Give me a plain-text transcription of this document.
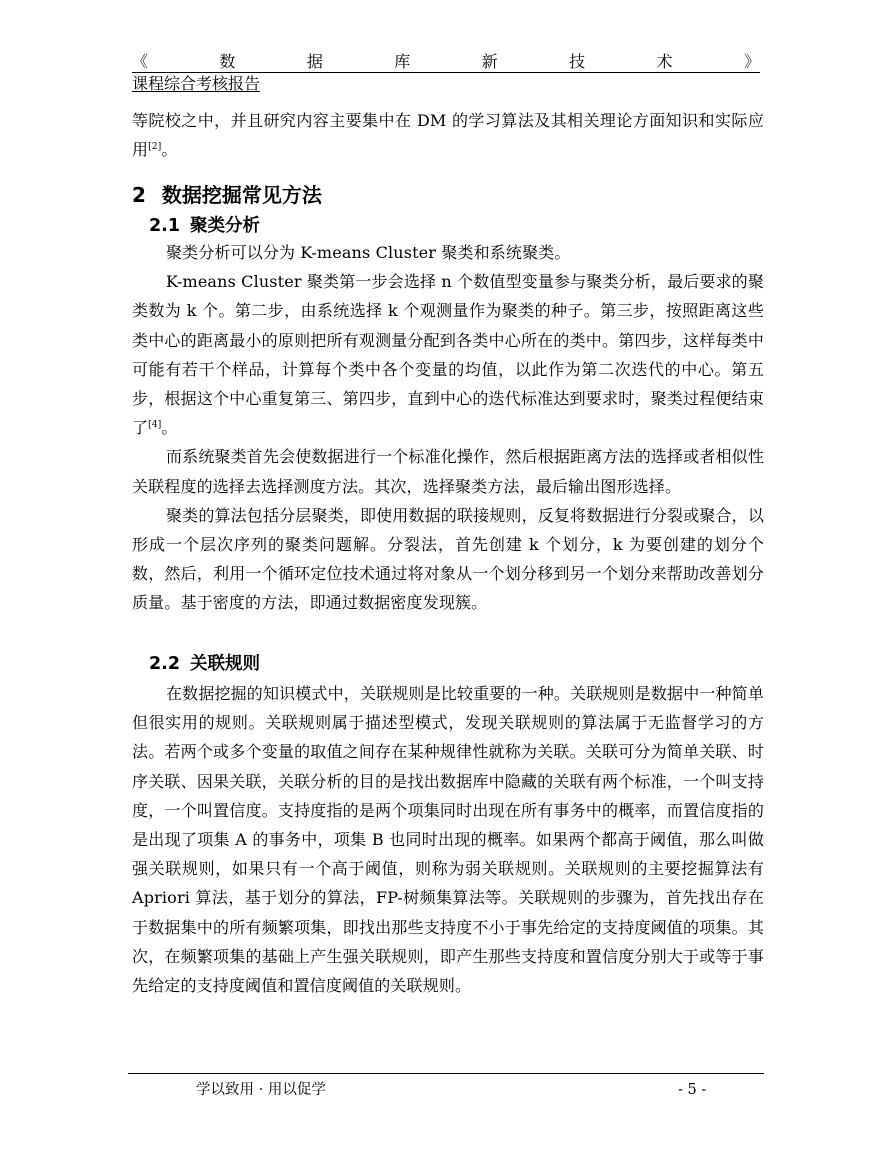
《	数	据	库	新	技	术	》
课程综合考核报告

等院校之中，并且研究内容主要集中在 DM 的学习算法及其相关理论方面知识和实际应用[2]。

2 数据挖掘常见方法
2.1 聚类分析

聚类分析可以分为 K-means Cluster 聚类和系统聚类。

K-means Cluster 聚类第一步会选择 n 个数值型变量参与聚类分析，最后要求的聚类数为 k 个。第二步，由系统选择 k 个观测量作为聚类的种子。第三步，按照距离这些类中心的距离最小的原则把所有观测量分配到各类中心所在的类中。第四步，这样每类中可能有若干个样品，计算每个类中各个变量的均值，以此作为第二次迭代的中心。第五步，根据这个中心重复第三、第四步，直到中心的迭代标准达到要求时，聚类过程便结束了[4]。

而系统聚类首先会使数据进行一个标准化操作，然后根据距离方法的选择或者相似性关联程度的选择去选择测度方法。其次，选择聚类方法，最后输出图形选择。

聚类的算法包括分层聚类，即使用数据的联接规则，反复将数据进行分裂或聚合，以形成一个层次序列的聚类问题解。分裂法，首先创建 k 个划分，k 为要创建的划分个数，然后，利用一个循环定位技术通过将对象从一个划分移到另一个划分来帮助改善划分质量。基于密度的方法，即通过数据密度发现簇。

2.2 关联规则

在数据挖掘的知识模式中，关联规则是比较重要的一种。关联规则是数据中一种简单但很实用的规则。关联规则属于描述型模式，发现关联规则的算法属于无监督学习的方法。若两个或多个变量的取值之间存在某种规律性就称为关联。关联可分为简单关联、时序关联、因果关联，关联分析的目的是找出数据库中隐藏的关联有两个标准，一个叫支持度，一个叫置信度。支持度指的是两个项集同时出现在所有事务中的概率，而置信度指的是出现了项集 A 的事务中，项集 B 也同时出现的概率。如果两个都高于阈值，那么叫做强关联规则，如果只有一个高于阈值，则称为弱关联规则。关联规则的主要挖掘算法有 Apriori 算法，基于划分的算法，FP-树频集算法等。关联规则的步骤为，首先找出存在于数据集中的所有频繁项集，即找出那些支持度不小于事先给定的支持度阈值的项集。其次，在频繁项集的基础上产生强关联规则，即产生那些支持度和置信度分别大于或等于事先给定的支持度阈值和置信度阈值的关联规则。

学以致用 · 用以促学	- 5 -
